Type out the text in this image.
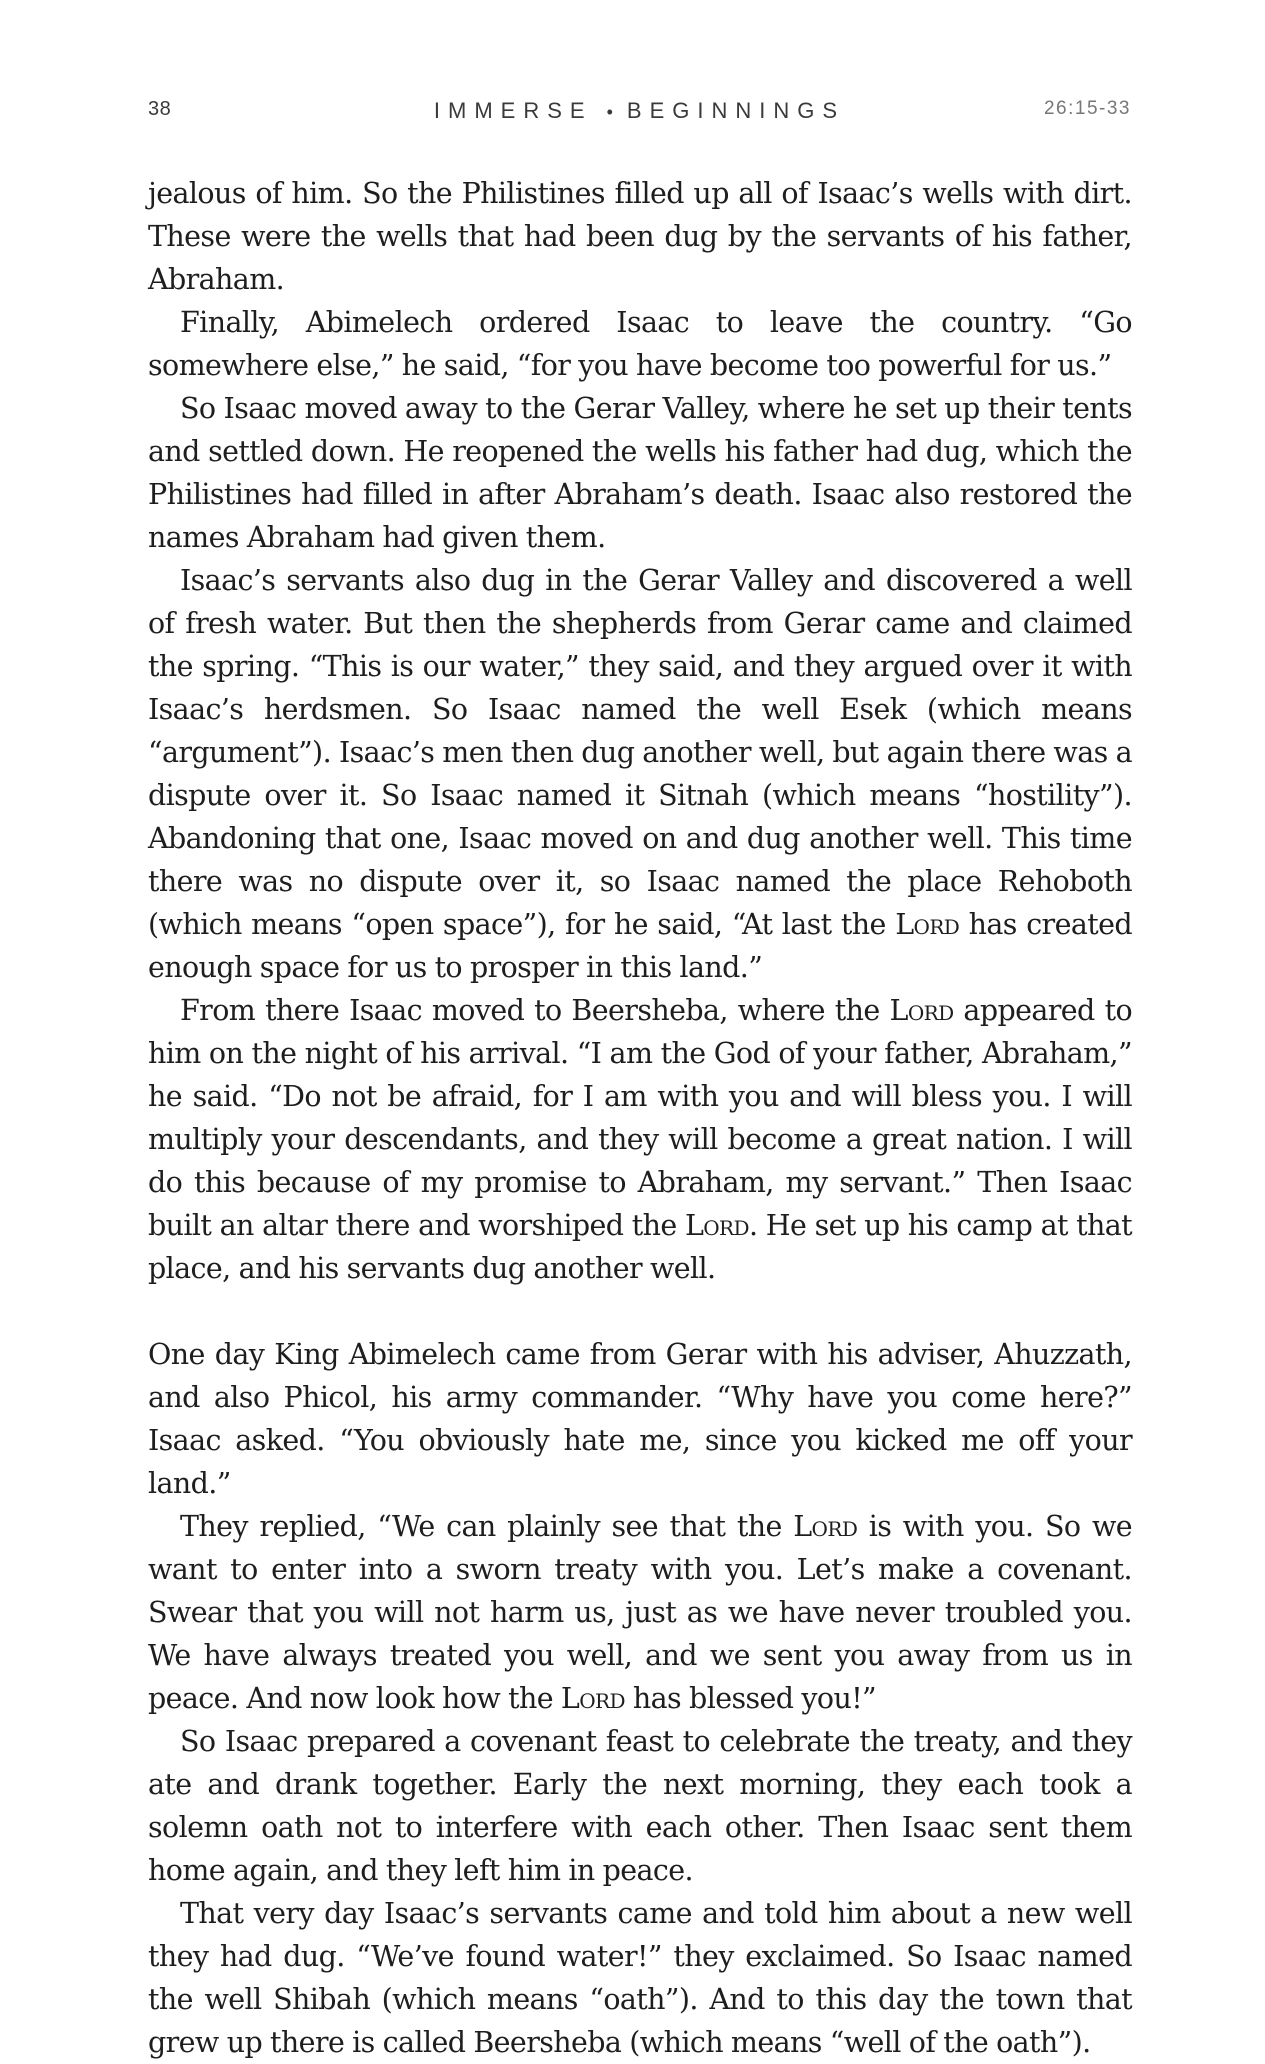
38	IMMERSE • BEGINNINGS	26:15-33

jealous of him. So the Philistines filled up all of Isaac’s wells with dirt. These were the wells that had been dug by the servants of his father, Abraham.

Finally, Abimelech ordered Isaac to leave the country. “Go somewhere else,” he said, “for you have become too powerful for us.”

So Isaac moved away to the Gerar Valley, where he set up their tents and settled down. He reopened the wells his father had dug, which the Philistines had filled in after Abraham’s death. Isaac also restored the names Abraham had given them.

Isaac’s servants also dug in the Gerar Valley and discovered a well of fresh water. But then the shepherds from Gerar came and claimed the spring. “This is our water,” they said, and they argued over it with Isaac’s herdsmen. So Isaac named the well Esek (which means “argument”). Isaac’s men then dug another well, but again there was a dispute over it. So Isaac named it Sitnah (which means “hostility”). Abandoning that one, Isaac moved on and dug another well. This time there was no dispute over it, so Isaac named the place Rehoboth (which means “open space”), for he said, “At last the Lord has created enough space for us to prosper in this land.”

From there Isaac moved to Beersheba, where the Lord appeared to him on the night of his arrival. “I am the God of your father, Abraham,” he said. “Do not be afraid, for I am with you and will bless you. I will multiply your descendants, and they will become a great nation. I will do this because of my promise to Abraham, my servant.” Then Isaac built an altar there and worshiped the Lord. He set up his camp at that place, and his servants dug another well.

One day King Abimelech came from Gerar with his adviser, Ahuzzath, and also Phicol, his army commander. “Why have you come here?” Isaac asked. “You obviously hate me, since you kicked me off your land.”

They replied, “We can plainly see that the Lord is with you. So we want to enter into a sworn treaty with you. Let’s make a covenant. Swear that you will not harm us, just as we have never troubled you. We have always treated you well, and we sent you away from us in peace. And now look how the Lord has blessed you!”

So Isaac prepared a covenant feast to celebrate the treaty, and they ate and drank together. Early the next morning, they each took a solemn oath not to interfere with each other. Then Isaac sent them home again, and they left him in peace.

That very day Isaac’s servants came and told him about a new well they had dug. “We’ve found water!” they exclaimed. So Isaac named the well Shibah (which means “oath”). And to this day the town that grew up there is called Beersheba (which means “well of the oath”).
